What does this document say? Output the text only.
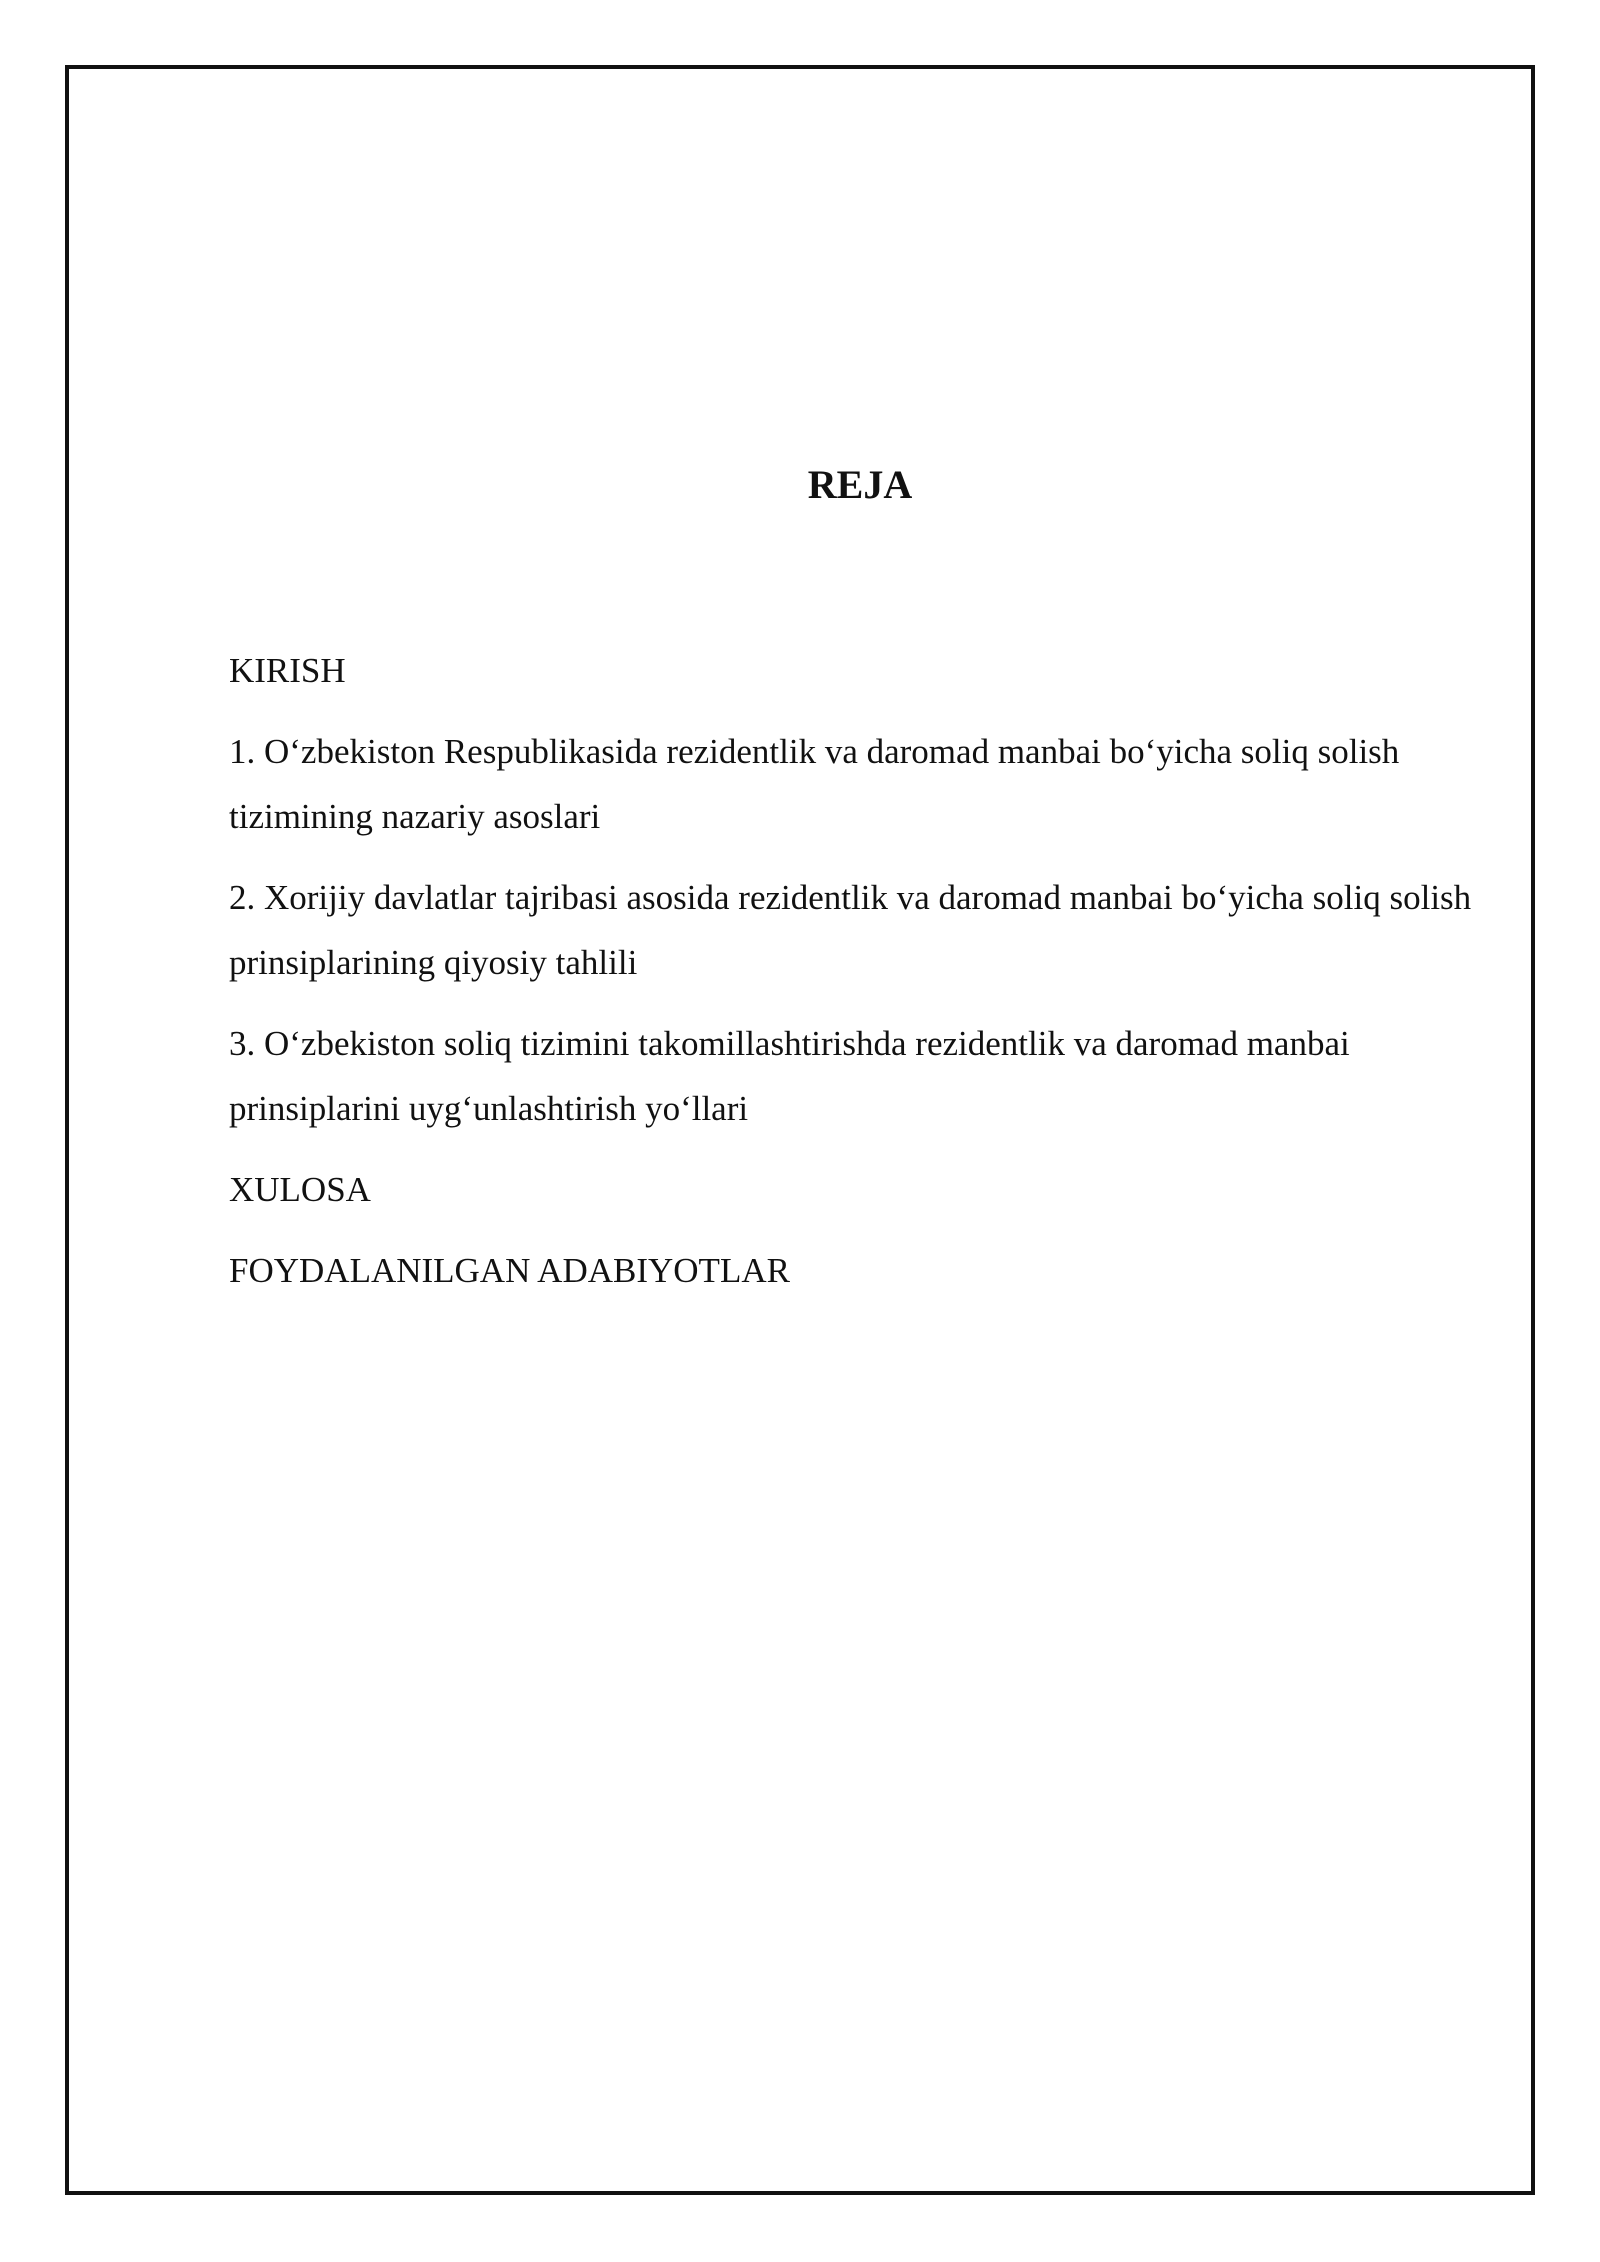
REJA
KIRISH
1. O‘zbekiston Respublikasida rezidentlik va daromad manbai bo‘yicha soliq solish tizimining nazariy asoslari
2. Xorijiy davlatlar tajribasi asosida rezidentlik va daromad manbai bo‘yicha soliq solish prinsiplarining qiyosiy tahlili
3. O‘zbekiston soliq tizimini takomillashtirishda rezidentlik va daromad manbai prinsiplarini uyg‘unlashtirish yo‘llari
XULOSA
FOYDALANILGAN ADABIYOTLAR
